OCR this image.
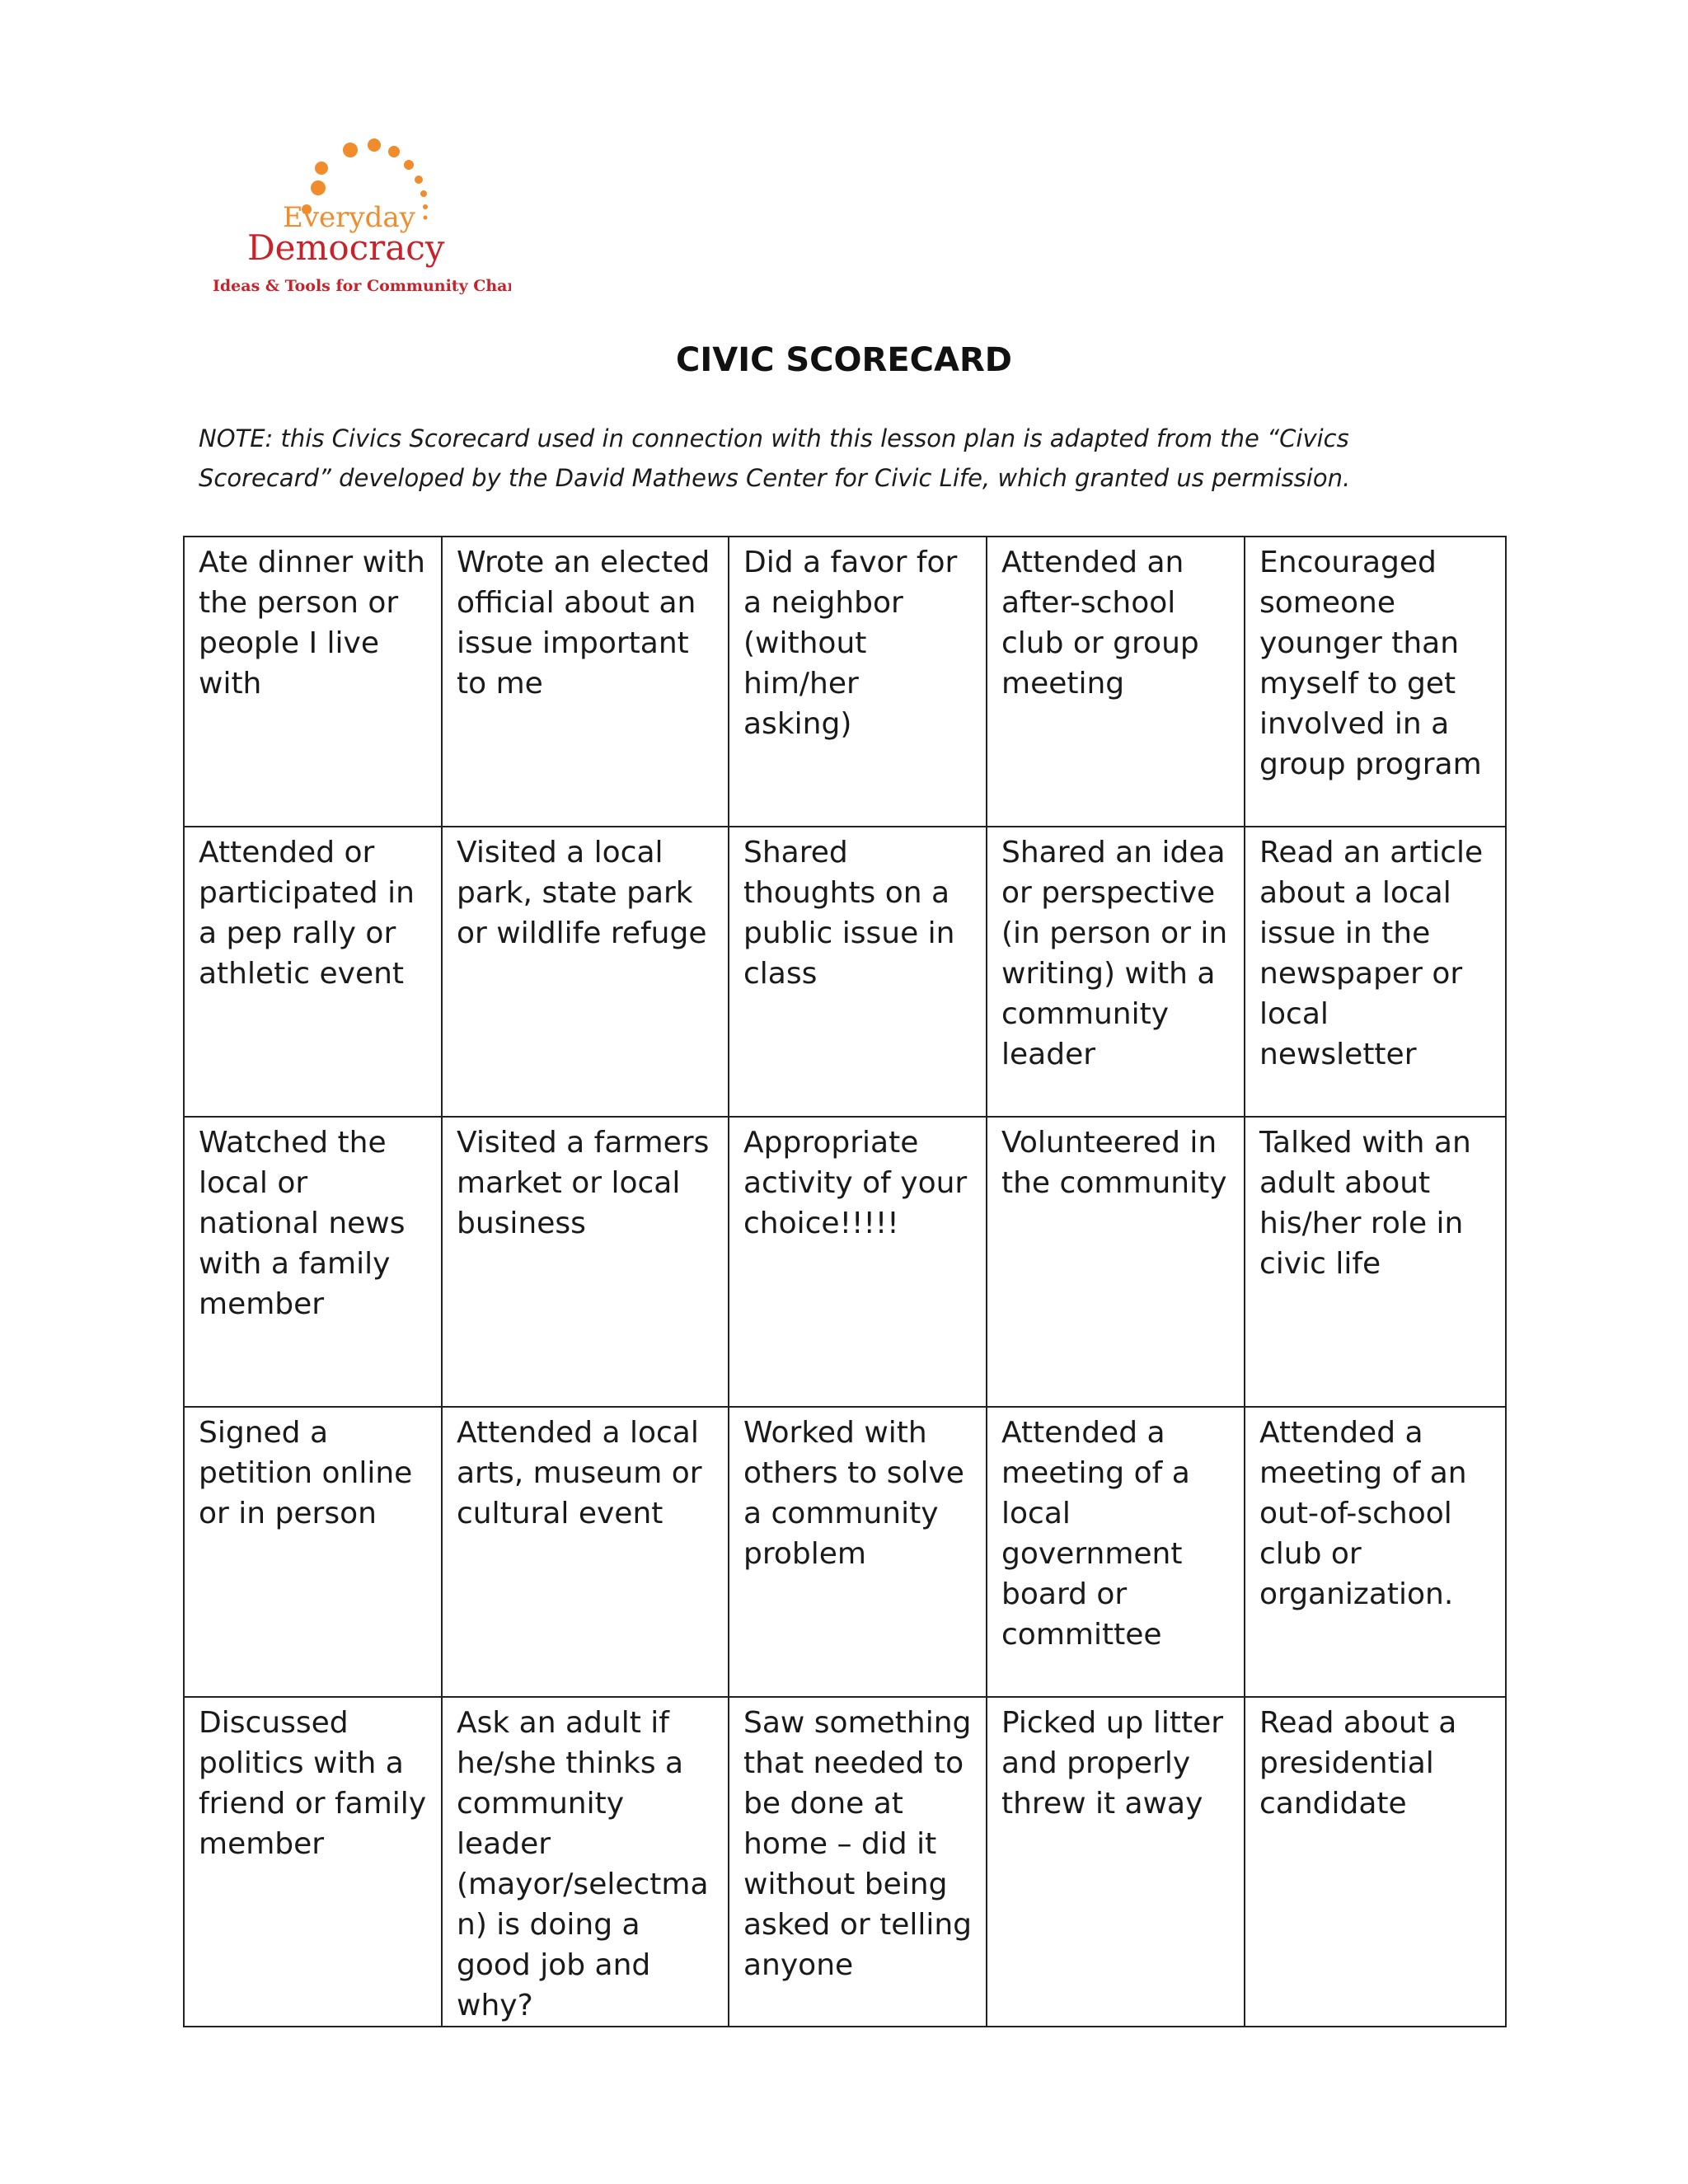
Everyday
Democracy
Ideas & Tools for Community Change
CIVIC SCORECARD
NOTE: this Civics Scorecard used in connection with this lesson plan is adapted from the “Civics Scorecard” developed by the David Mathews Center for Civic Life, which granted us permission.
Ate dinner with the person or people I live with	Wrote an elected official about an issue important to me	Did a favor for a neighbor (without him/her asking)	Attended an after-school club or group meeting	Encouraged someone younger than myself to get involved in a group program
Attended or participated in a pep rally or athletic event	Visited a local park, state park or wildlife refuge	Shared thoughts on a public issue in class	Shared an idea or perspective (in person or in writing) with a community leader	Read an article about a local issue in the newspaper or local newsletter
Watched the local or national news with a family member	Visited a farmers market or local business	Appropriate activity of your choice!!!!!	Volunteered in the community	Talked with an adult about his/her role in civic life
Signed a petition online or in person	Attended a local arts, museum or cultural event	Worked with others to solve a community problem	Attended a meeting of a local government board or committee	Attended a meeting of an out-of-school club or organization.
Discussed politics with a friend or family member	Ask an adult if he/she thinks a community leader (mayor/selectman) is doing a good job and why?	Saw something that needed to be done at home – did it without being asked or telling anyone	Picked up litter and properly threw it away	Read about a presidential candidate
